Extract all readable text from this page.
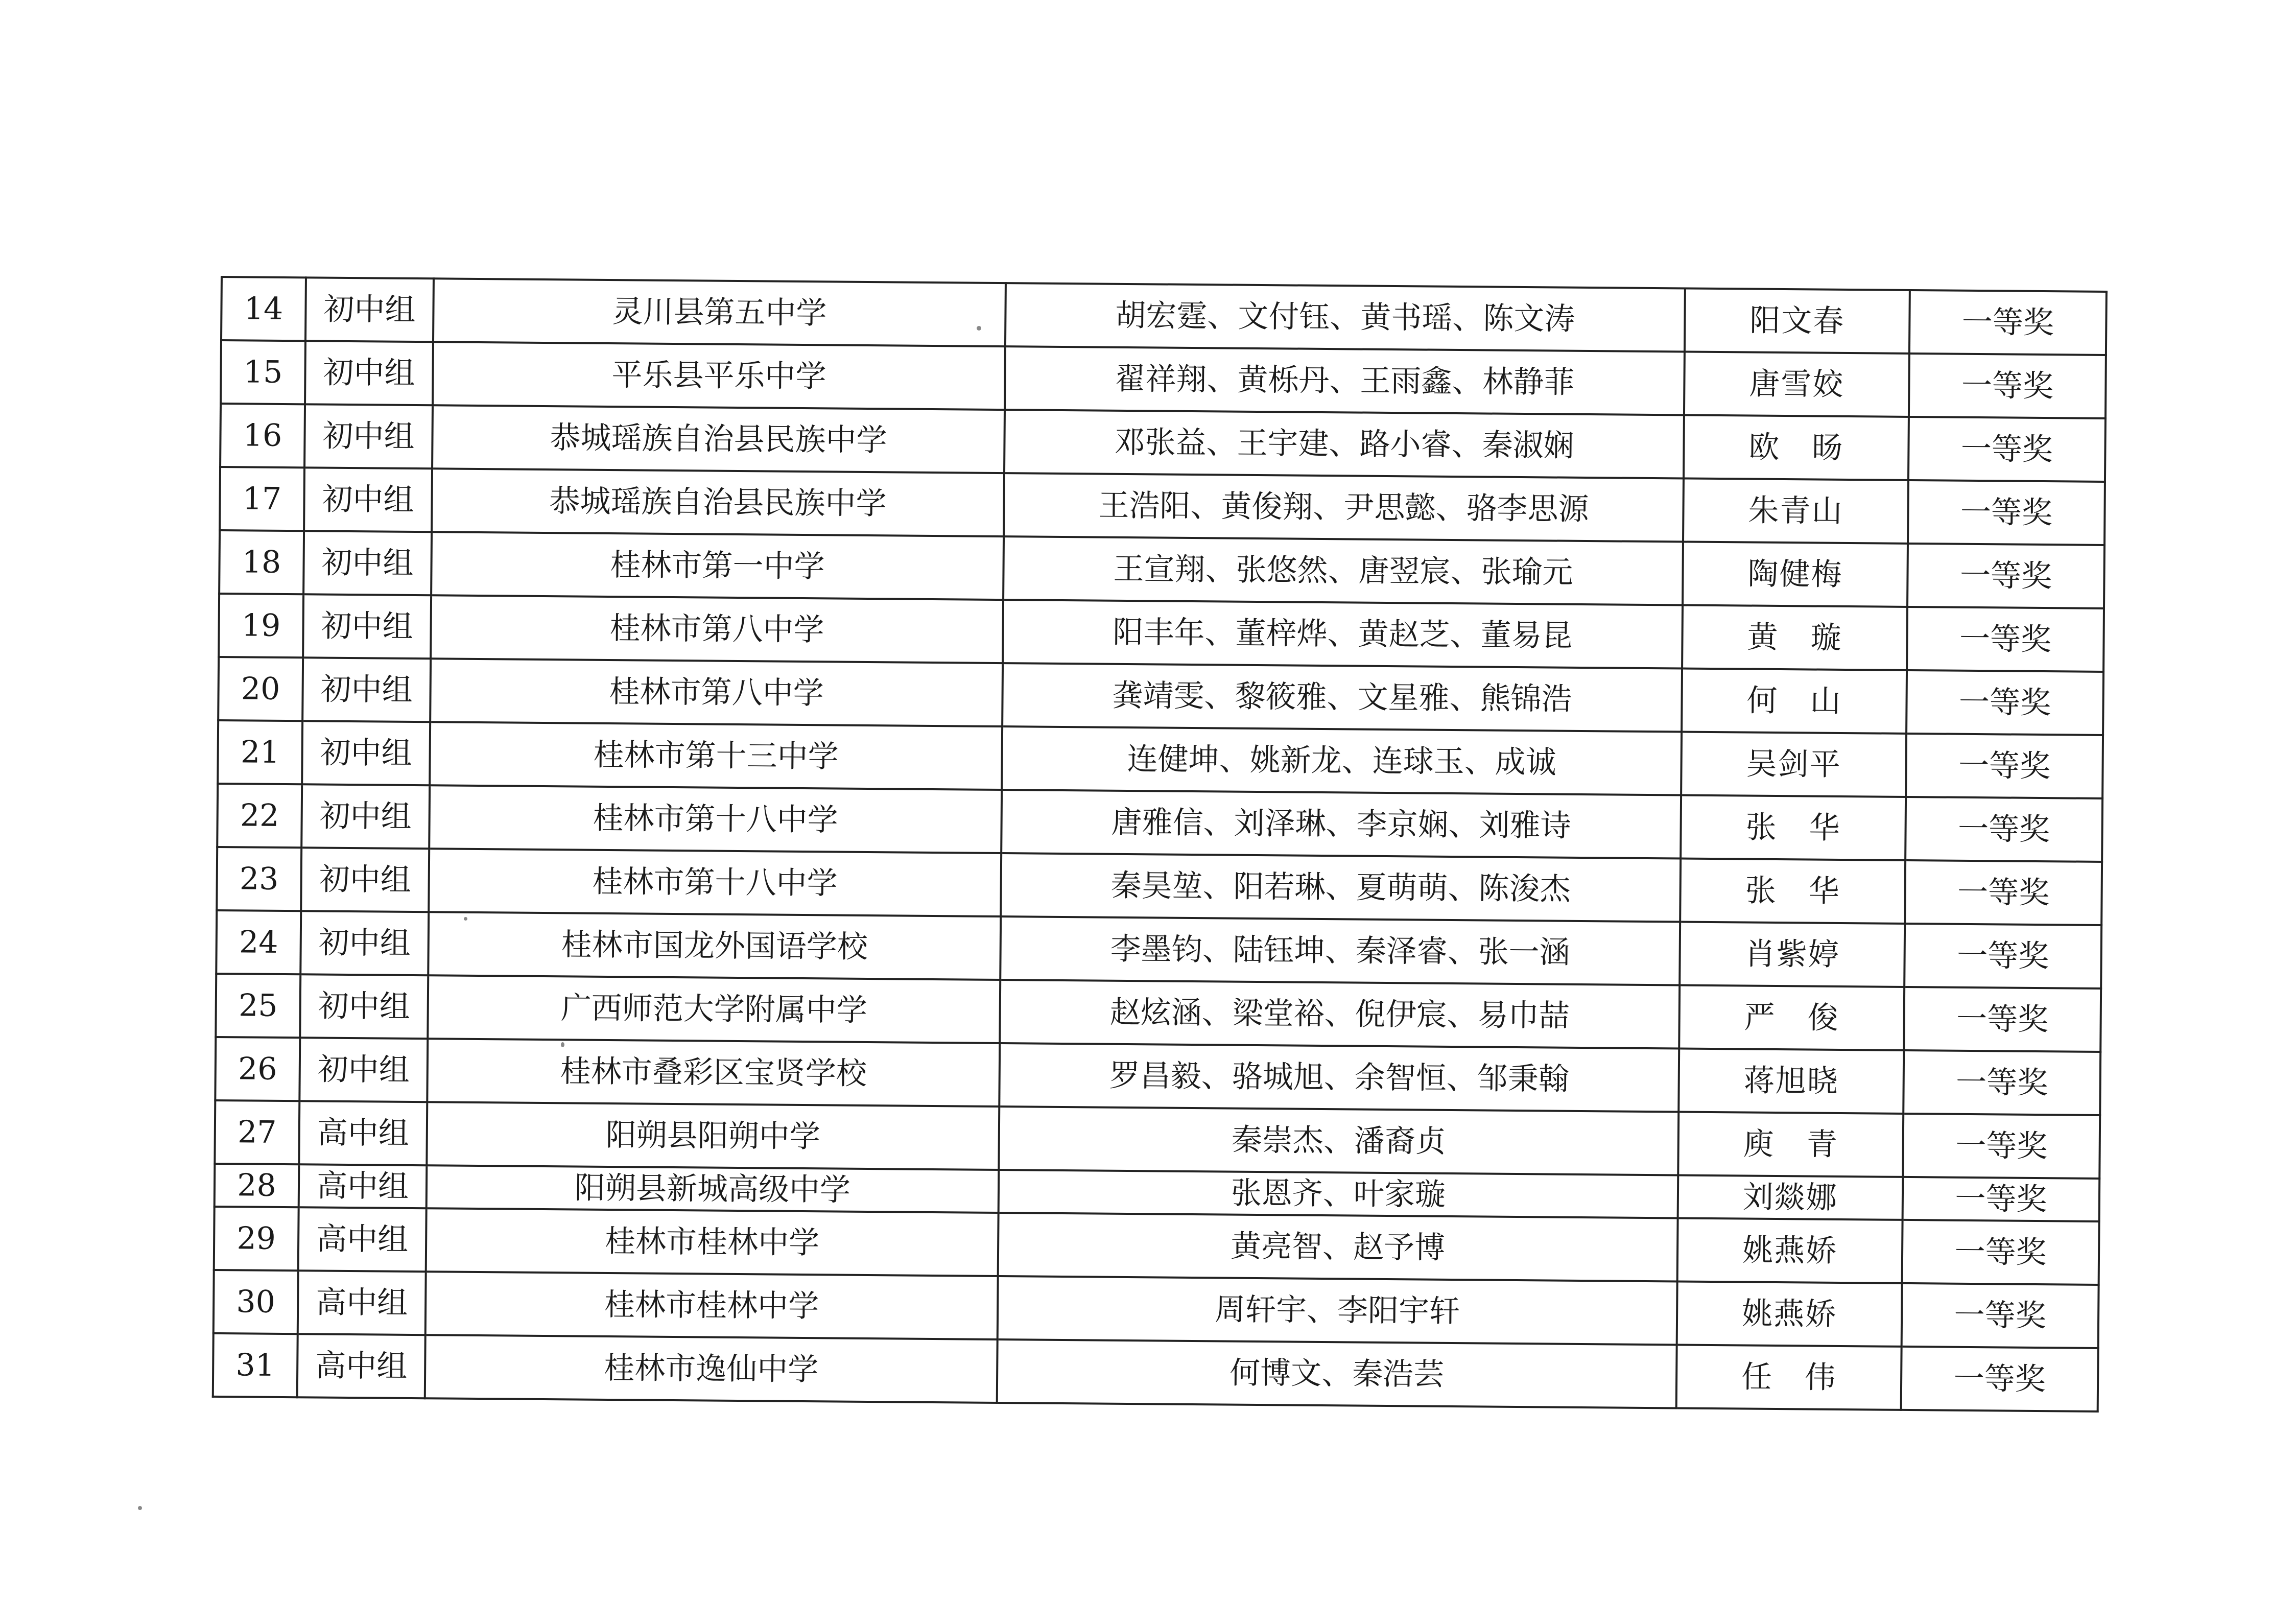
14	初中组	灵川县第五中学	胡宏霆、文付钰、黄书瑶、陈文涛	阳文春	一等奖
15	初中组	平乐县平乐中学	翟祥翔、黄栎丹、王雨鑫、林静菲	唐雪姣	一等奖
16	初中组	恭城瑶族自治县民族中学	邓张益、王宇建、路小睿、秦淑娴	欧　旸	一等奖
17	初中组	恭城瑶族自治县民族中学	王浩阳、黄俊翔、尹思懿、骆李思源	朱青山	一等奖
18	初中组	桂林市第一中学	王宣翔、张悠然、唐翌宸、张瑜元	陶健梅	一等奖
19	初中组	桂林市第八中学	阳丰年、董梓烨、黄赵芝、董易昆	黄　璇	一等奖
20	初中组	桂林市第八中学	龚靖雯、黎筱雅、文星雅、熊锦浩	何　山	一等奖
21	初中组	桂林市第十三中学	连健坤、姚新龙、连球玉、成诚	吴剑平	一等奖
22	初中组	桂林市第十八中学	唐雅信、刘泽琳、李京娴、刘雅诗	张　华	一等奖
23	初中组	桂林市第十八中学	秦昊堃、阳若琳、夏萌萌、陈浚杰	张　华	一等奖
24	初中组	桂林市国龙外国语学校	李墨钧、陆钰坤、秦泽睿、张一涵	肖紫婷	一等奖
25	初中组	广西师范大学附属中学	赵炫涵、梁堂裕、倪伊宸、易巾喆	严　俊	一等奖
26	初中组	桂林市叠彩区宝贤学校	罗昌毅、骆城旭、余智恒、邹秉翰	蒋旭晓	一等奖
27	高中组	阳朔县阳朔中学	秦崇杰、潘裔贞	庾　青	一等奖
28	高中组	阳朔县新城高级中学	张恩齐、叶家璇	刘燚娜	一等奖
29	高中组	桂林市桂林中学	黄亮智、赵予博	姚燕娇	一等奖
30	高中组	桂林市桂林中学	周轩宇、李阳宇轩	姚燕娇	一等奖
31	高中组	桂林市逸仙中学	何博文、秦浩芸	任　伟	一等奖
